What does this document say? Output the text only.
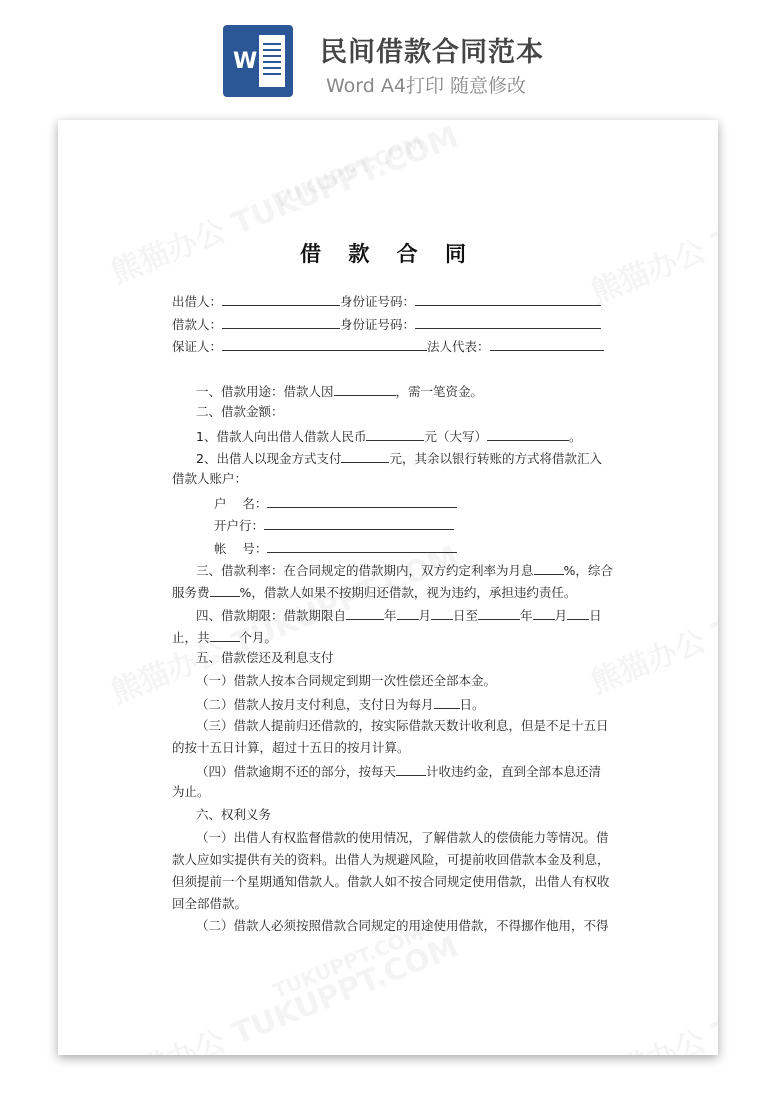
W 民间借款合同范本
Word A4打印 随意修改
借 款 合 同
出借人：	身份证号码：
借款人：	身份证号码：
保证人：	法人代表：
一、借款用途：借款人因	，需一笔资金。
二、借款金额：
1、借款人向出借人借款人民币	元（大写）	。
2、出借人以现金方式支付	元，其余以银行转账的方式将借款汇入
借款人账户：
户    名：
开户行：
帐    号：
三、借款利率：在合同规定的借款期内，双方约定利率为月息 %，综合
服务费 %，借款人如果不按期归还借款，视为违约，承担违约责任。
四、借款期限：借款期限自	年 月 日至	年 月 日
止，共 个月。
五、借款偿还及利息支付
（一）借款人按本合同规定到期一次性偿还全部本金。
（二）借款人按月支付利息，支付日为每月 日。
（三）借款人提前归还借款的，按实际借款天数计收利息，但是不足十五日
的按十五日计算，超过十五日的按月计算。
（四）借款逾期不还的部分，按每天 计收违约金，直到全部本息还清
为止。
六、权利义务
（一）出借人有权监督借款的使用情况，了解借款人的偿债能力等情况。借
款人应如实提供有关的资料。出借人为规避风险，可提前收回借款本金及利息，
但须提前一个星期通知借款人。借款人如不按合同规定使用借款，出借人有权收
回全部借款。
（二）借款人必须按照借款合同规定的用途使用借款，不得挪作他用，不得
